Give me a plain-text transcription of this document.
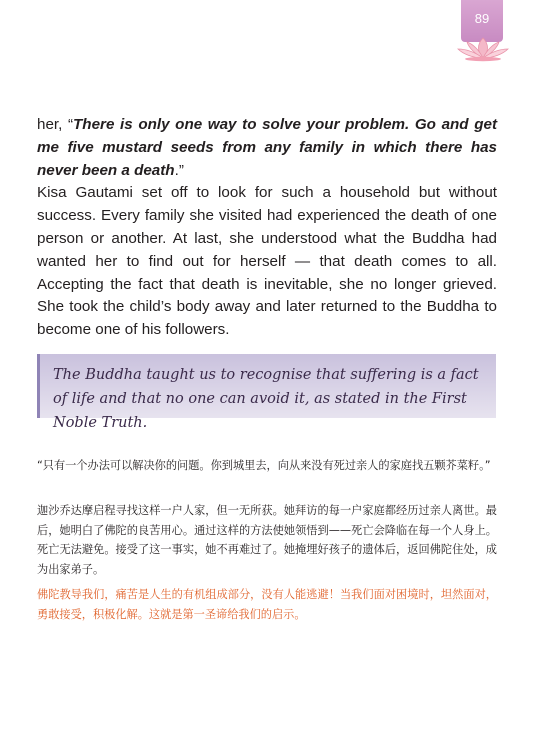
89

her, “There is only one way to solve your problem. Go and get me five mustard seeds from any family in which there has never been a death.”

Kisa Gautami set off to look for such a household but without success. Every family she visited had experienced the death of one person or another. At last, she understood what the Buddha had wanted her to find out for herself — that death comes to all. Accepting the fact that death is inevitable, she no longer grieved. She took the child’s body away and later returned to the Buddha to become one of his followers.

The Buddha taught us to recognise that suffering is a fact of life and that no one can avoid it, as stated in the First Noble Truth.

“只有一个办法可以解决你的问题。你到城里去，向从来没有死过亲人的家庭找五颗芥菜籽。”

迦沙乔达摩启程寻找这样一户人家，但一无所获。她拜访的每一户家庭都经历过亲人离世。最后，她明白了佛陀的良苦用心。通过这样的方法使她领悟到——死亡会降临在每一个人身上。死亡无法避免。接受了这一事实，她不再难过了。她掩埋好孩子的遗体后，返回佛陀住处，成为出家弟子。

佛陀教导我们，痛苦是人生的有机组成部分，没有人能逃避！当我们面对困境时，坦然面对，勇敢接受，积极化解。这就是第一圣谛给我们的启示。
